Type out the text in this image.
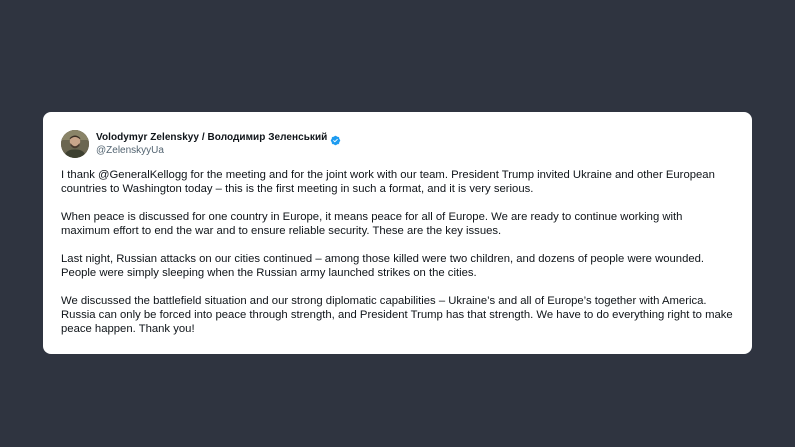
Volodymyr Zelenskyy / Володимир Зеленський
@ZelenskyyUa

I thank @GeneralKellogg for the meeting and for the joint work with our team. President Trump invited Ukraine and other European countries to Washington today – this is the first meeting in such a format, and it is very serious.

When peace is discussed for one country in Europe, it means peace for all of Europe. We are ready to continue working with maximum effort to end the war and to ensure reliable security. These are the key issues.

Last night, Russian attacks on our cities continued – among those killed were two children, and dozens of people were wounded. People were simply sleeping when the Russian army launched strikes on the cities.

We discussed the battlefield situation and our strong diplomatic capabilities – Ukraine’s and all of Europe’s together with America. Russia can only be forced into peace through strength, and President Trump has that strength. We have to do everything right to make peace happen. Thank you!
